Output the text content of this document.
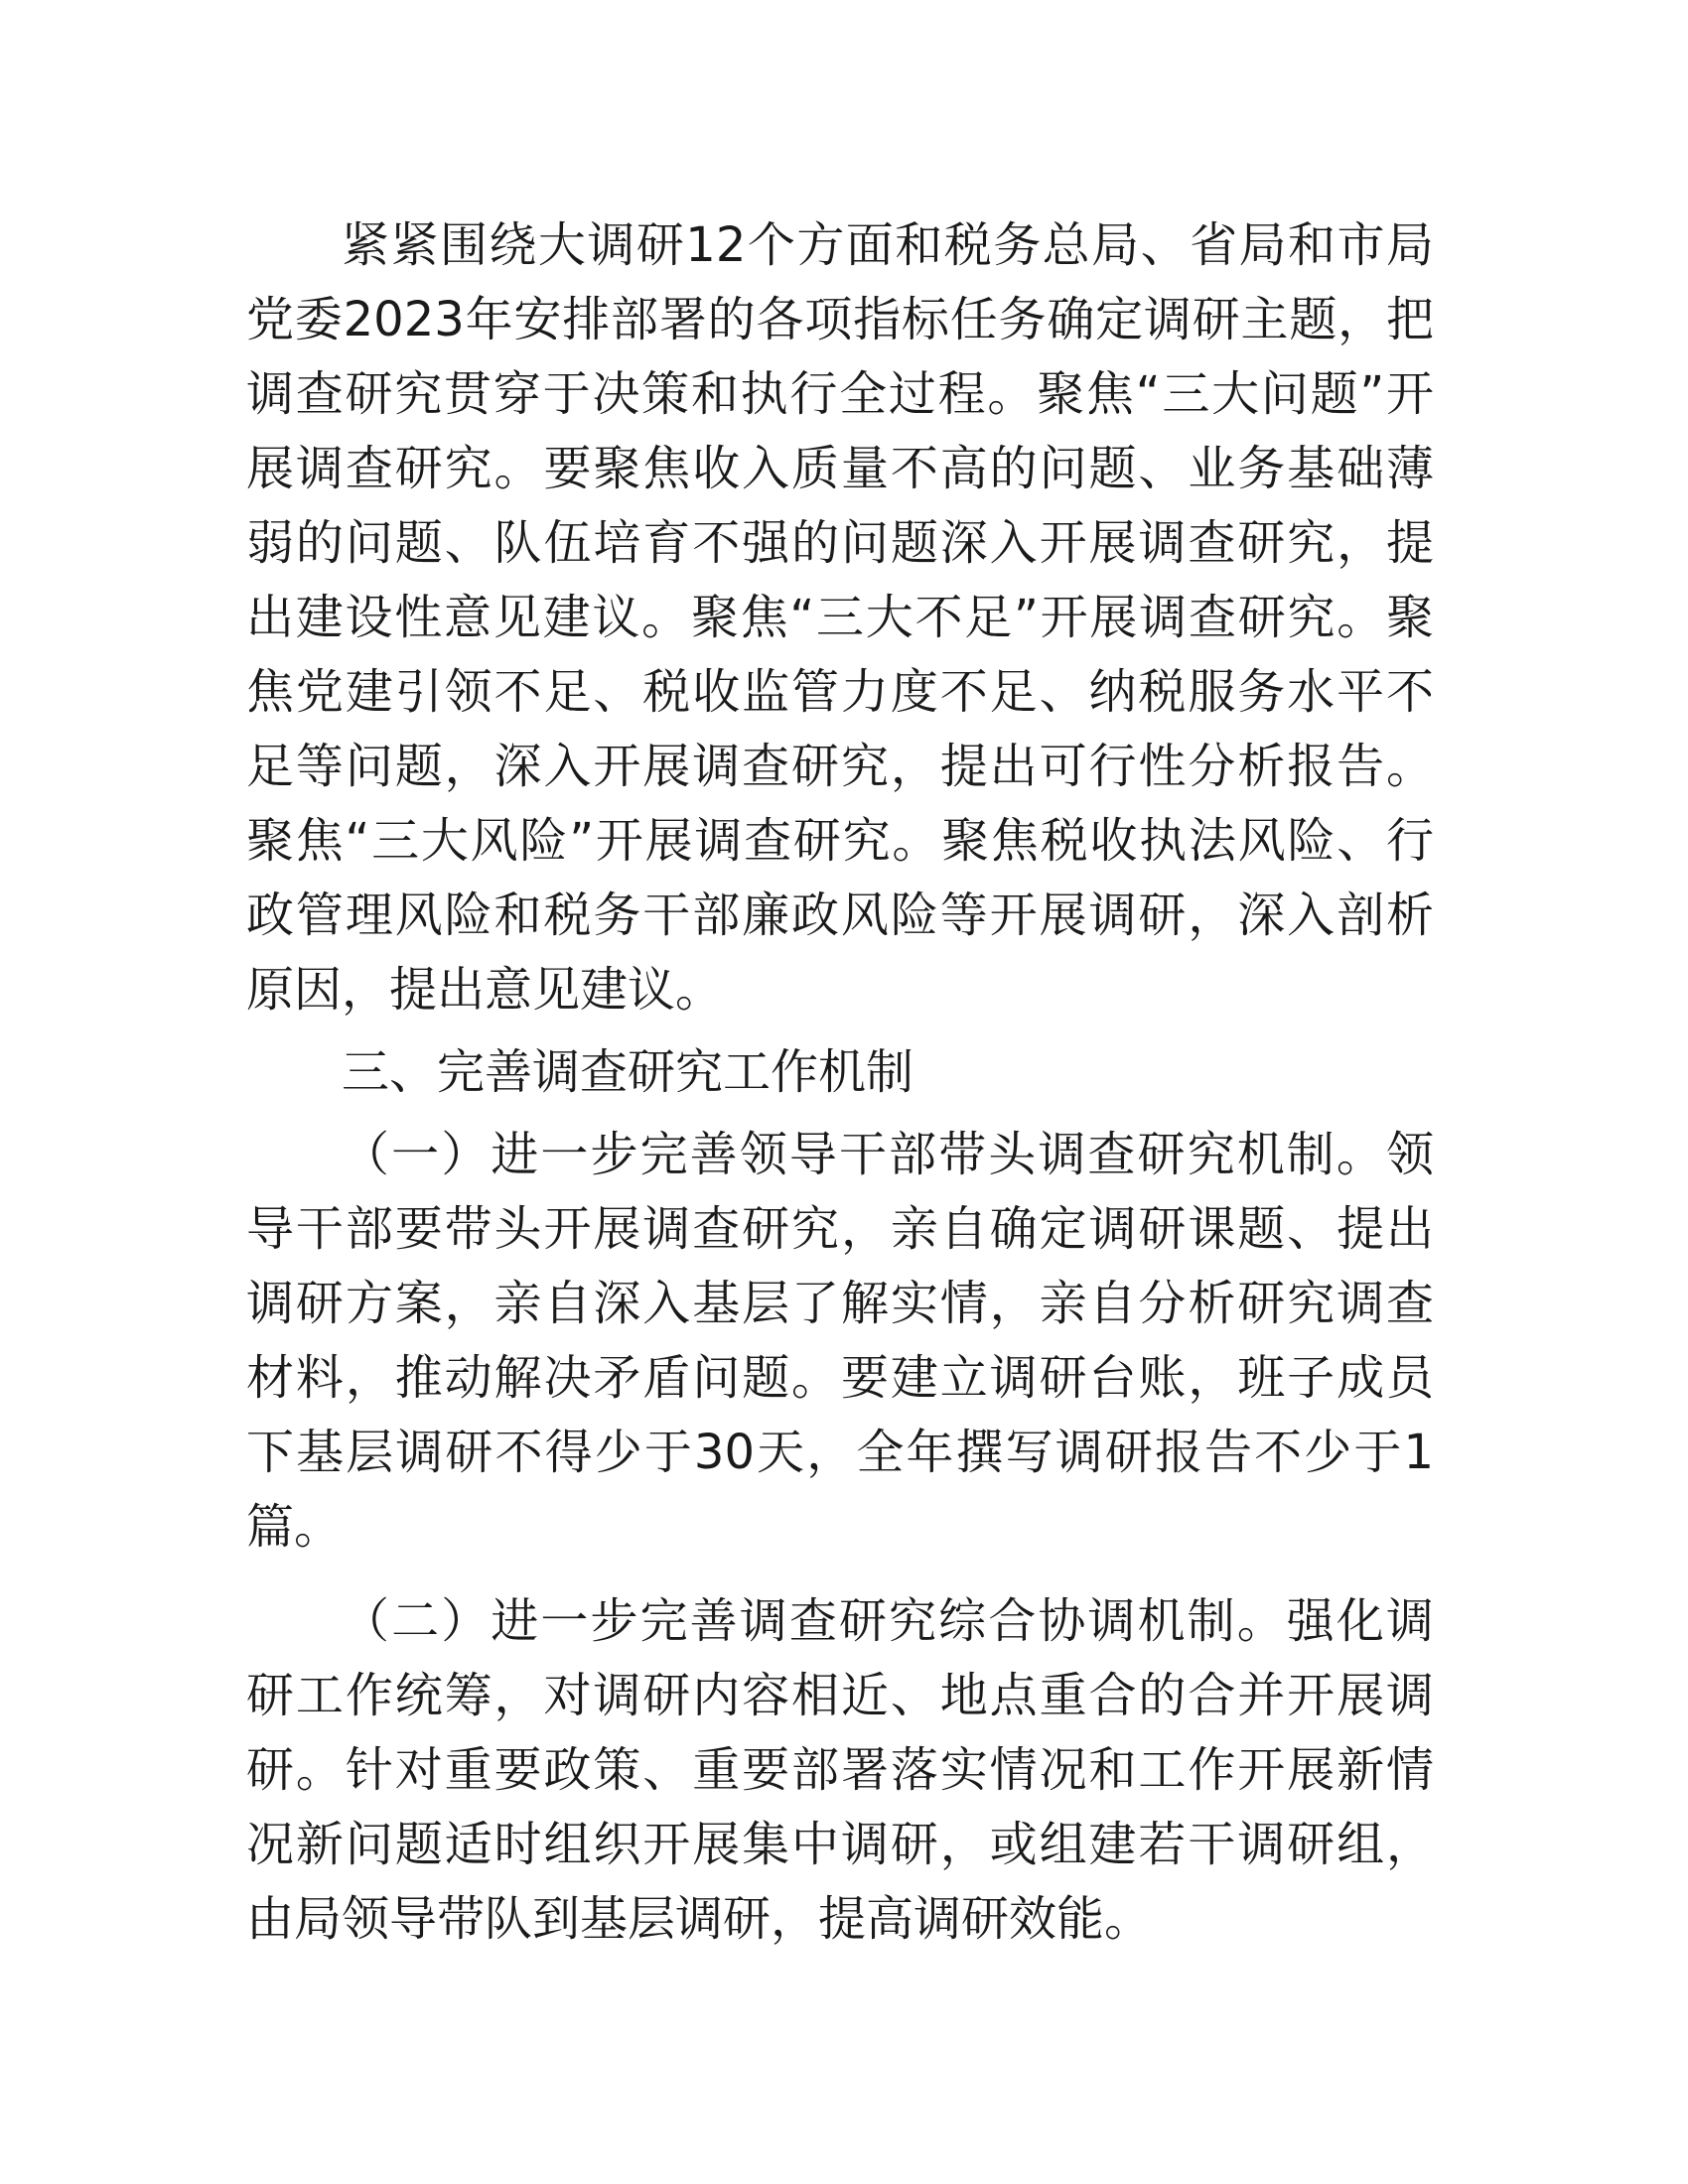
紧紧围绕大调研12个方面和税务总局、省局和市局党委2023年安排部署的各项指标任务确定调研主题，把调查研究贯穿于决策和执行全过程。聚焦“三大问题”开展调查研究。要聚焦收入质量不高的问题、业务基础薄弱的问题、队伍培育不强的问题深入开展调查研究，提出建设性意见建议。聚焦“三大不足”开展调查研究。聚焦党建引领不足、税收监管力度不足、纳税服务水平不足等问题，深入开展调查研究，提出可行性分析报告。聚焦“三大风险”开展调查研究。聚焦税收执法风险、行政管理风险和税务干部廉政风险等开展调研，深入剖析原因，提出意见建议。

三、完善调查研究工作机制

（一）进一步完善领导干部带头调查研究机制。领导干部要带头开展调查研究，亲自确定调研课题、提出调研方案，亲自深入基层了解实情，亲自分析研究调查材料，推动解决矛盾问题。要建立调研台账，班子成员下基层调研不得少于30天，全年撰写调研报告不少于1篇。

（二）进一步完善调查研究综合协调机制。强化调研工作统筹，对调研内容相近、地点重合的合并开展调研。针对重要政策、重要部署落实情况和工作开展新情况新问题适时组织开展集中调研，或组建若干调研组，由局领导带队到基层调研，提高调研效能。
